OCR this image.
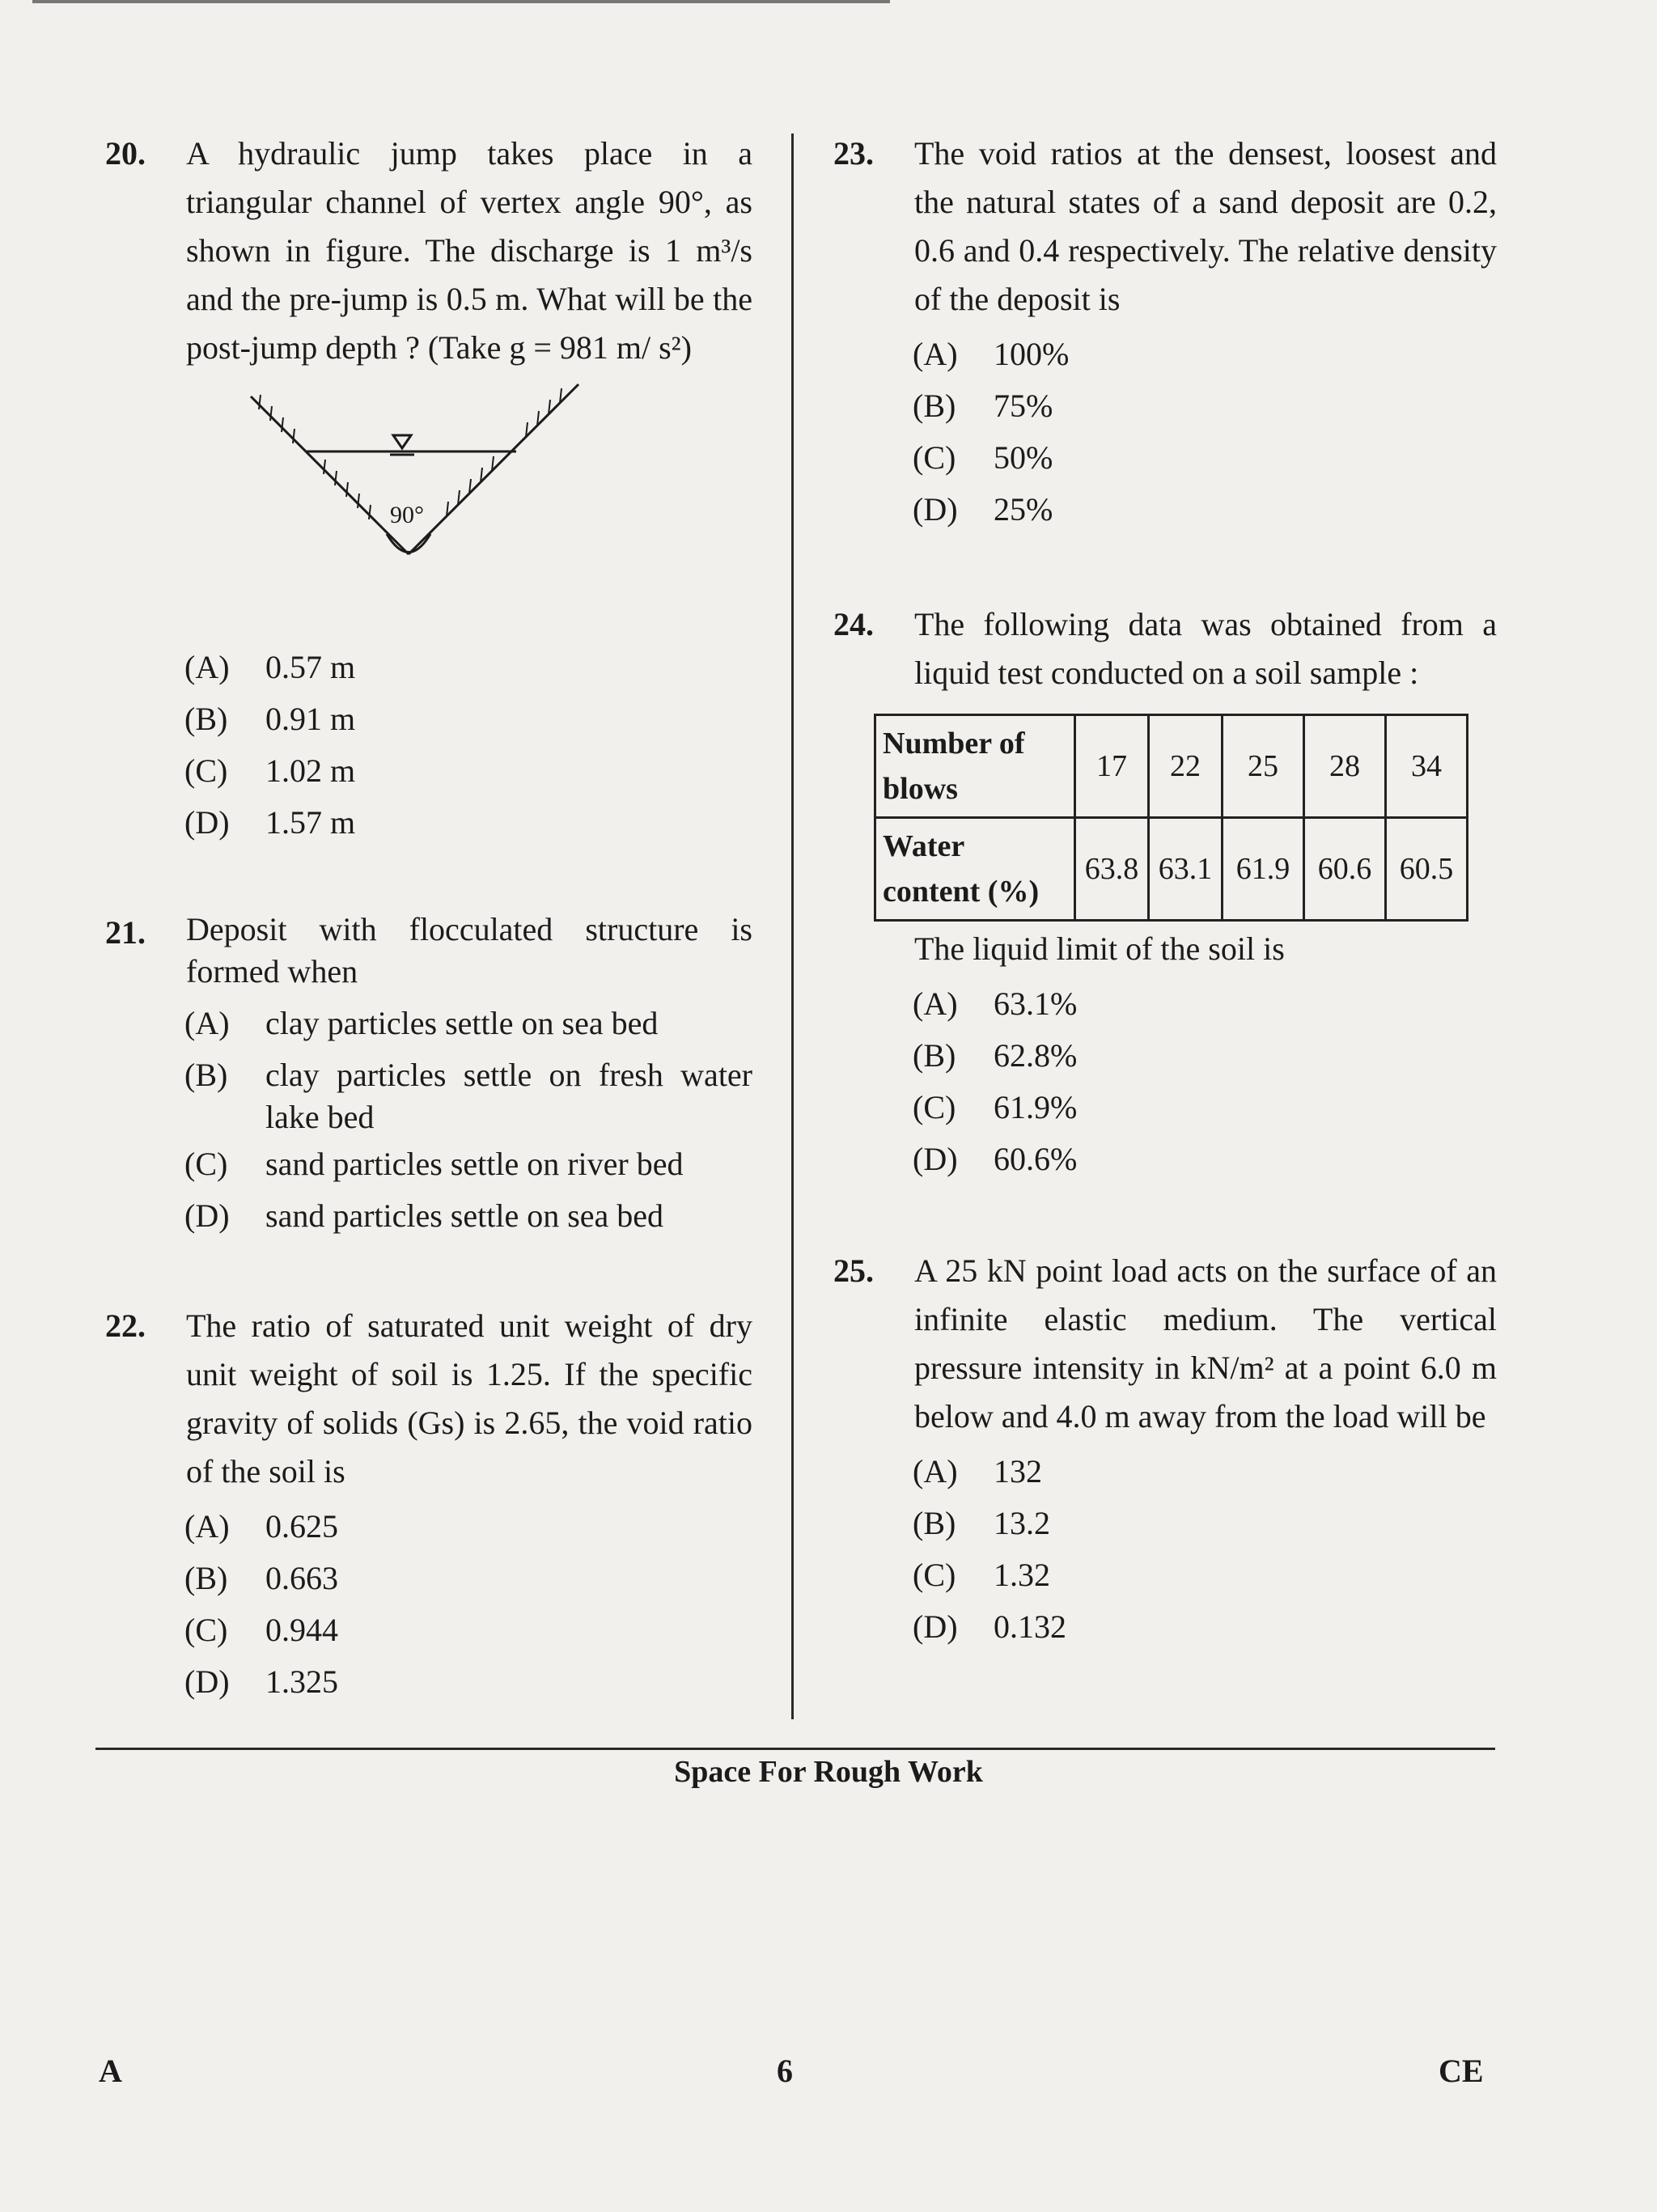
20. A hydraulic jump takes place in a triangular channel of vertex angle 90°, as shown in figure. The discharge is 1 m³/s and the pre-jump is 0.5 m. What will be the post-jump depth ? (Take g = 981 m/ s²)
90°
(A)	0.57 m
(B)	0.91 m
(C)	1.02 m
(D)	1.57 m
21. Deposit with flocculated structure is formed when
(A)	clay particles settle on sea bed
(B)	clay particles settle on fresh water lake bed
(C)	sand particles settle on river bed
(D)	sand particles settle on sea bed
22. The ratio of saturated unit weight of dry unit weight of soil is 1.25. If the specific gravity of solids (Gs) is 2.65, the void ratio of the soil is
(A)	0.625
(B)	0.663
(C)	0.944
(D)	1.325
23. The void ratios at the densest, loosest and the natural states of a sand deposit are 0.2, 0.6 and 0.4 respectively. The relative density of the deposit is
(A)	100%
(B)	75%
(C)	50%
(D)	25%
24. The following data was obtained from a liquid test conducted on a soil sample :
Number of blows	17	22	25	28	34
Water content (%)	63.8	63.1	61.9	60.6	60.5
The liquid limit of the soil is
(A)	63.1%
(B)	62.8%
(C)	61.9%
(D)	60.6%
25. A 25 kN point load acts on the surface of an infinite elastic medium. The vertical pressure intensity in kN/m² at a point 6.0 m below and 4.0 m away from the load will be
(A)	132
(B)	13.2
(C)	1.32
(D)	0.132
Space For Rough Work
A	6	CE
